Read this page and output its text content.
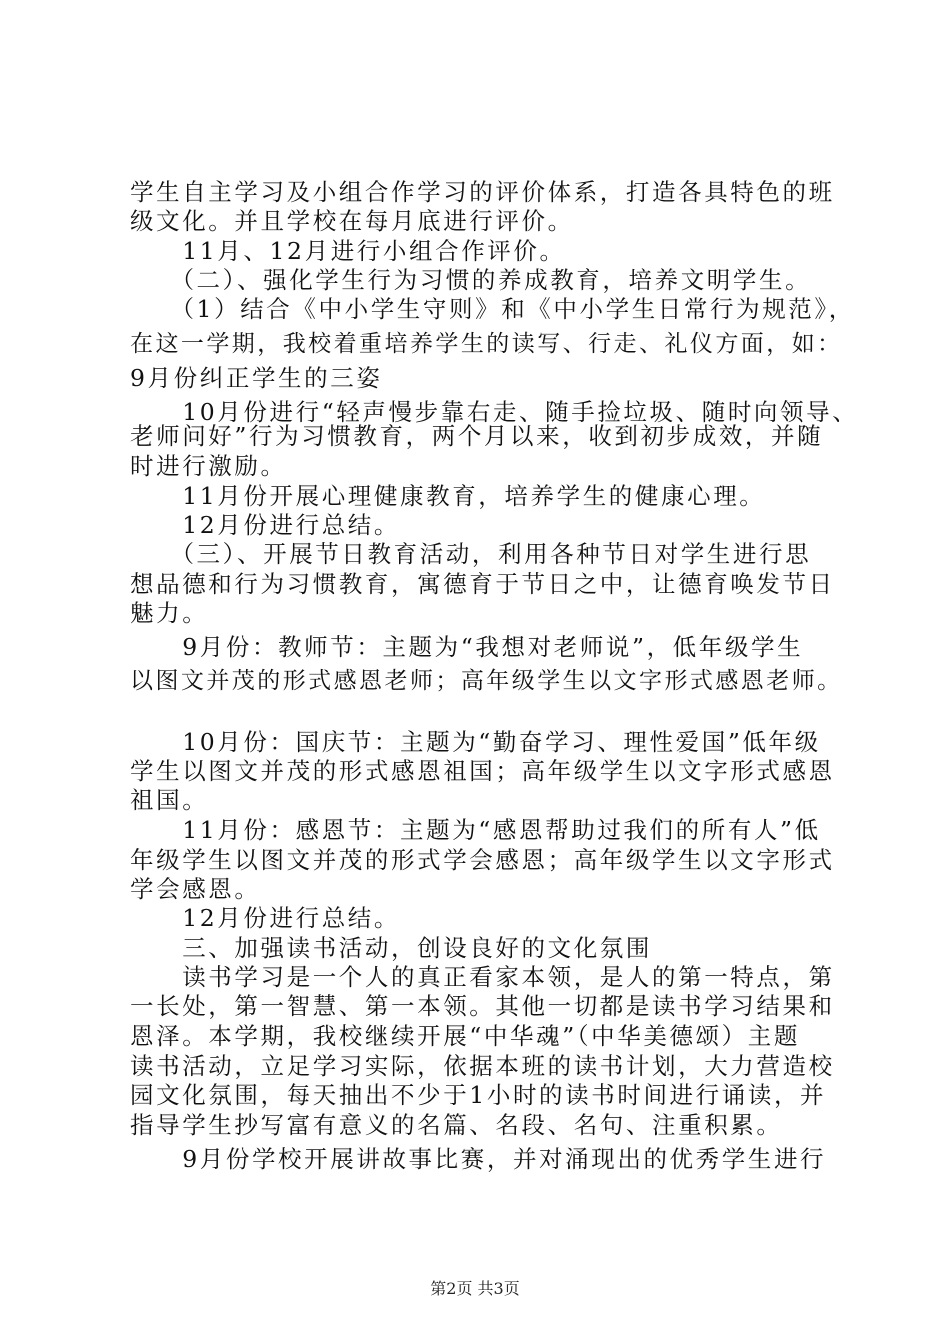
学生自主学习及小组合作学习的评价体系，打造各具特色的班
级文化。并且学校在每月底进行评价。
　　11月、12月进行小组合作评价。
　　（二）、强化学生行为习惯的养成教育，培养文明学生。
　　（1）结合《中小学生守则》和《中小学生日常行为规范》，
在这一学期，我校着重培养学生的读写、行走、礼仪方面，如：
9月份纠正学生的三姿
　　10月份进行“轻声慢步靠右走、随手捡垃圾、随时向领导、
老师问好”行为习惯教育，两个月以来，收到初步成效，并随
时进行激励。
　　11月份开展心理健康教育，培养学生的健康心理。
　　12月份进行总结。
　　（三）、开展节日教育活动，利用各种节日对学生进行思
想品德和行为习惯教育，寓德育于节日之中，让德育唤发节日
魅力。
　　9月份：教师节：主题为“我想对老师说”，低年级学生
以图文并茂的形式感恩老师；高年级学生以文字形式感恩老师。
　　10月份：国庆节：主题为“勤奋学习、理性爱国”低年级
学生以图文并茂的形式感恩祖国；高年级学生以文字形式感恩
祖国。
　　11月份：感恩节：主题为“感恩帮助过我们的所有人”低
年级学生以图文并茂的形式学会感恩；高年级学生以文字形式
学会感恩。
　　12月份进行总结。
　　三、加强读书活动，创设良好的文化氛围
　　读书学习是一个人的真正看家本领，是人的第一特点，第
一长处，第一智慧、第一本领。其他一切都是读书学习结果和
恩泽。本学期，我校继续开展“中华魂”（中华美德颂）主题
读书活动，立足学习实际，依据本班的读书计划，大力营造校
园文化氛围，每天抽出不少于1小时的读书时间进行诵读，并
指导学生抄写富有意义的名篇、名段、名句、注重积累。
　　9月份学校开展讲故事比赛，并对涌现出的优秀学生进行
第2页 共3页
